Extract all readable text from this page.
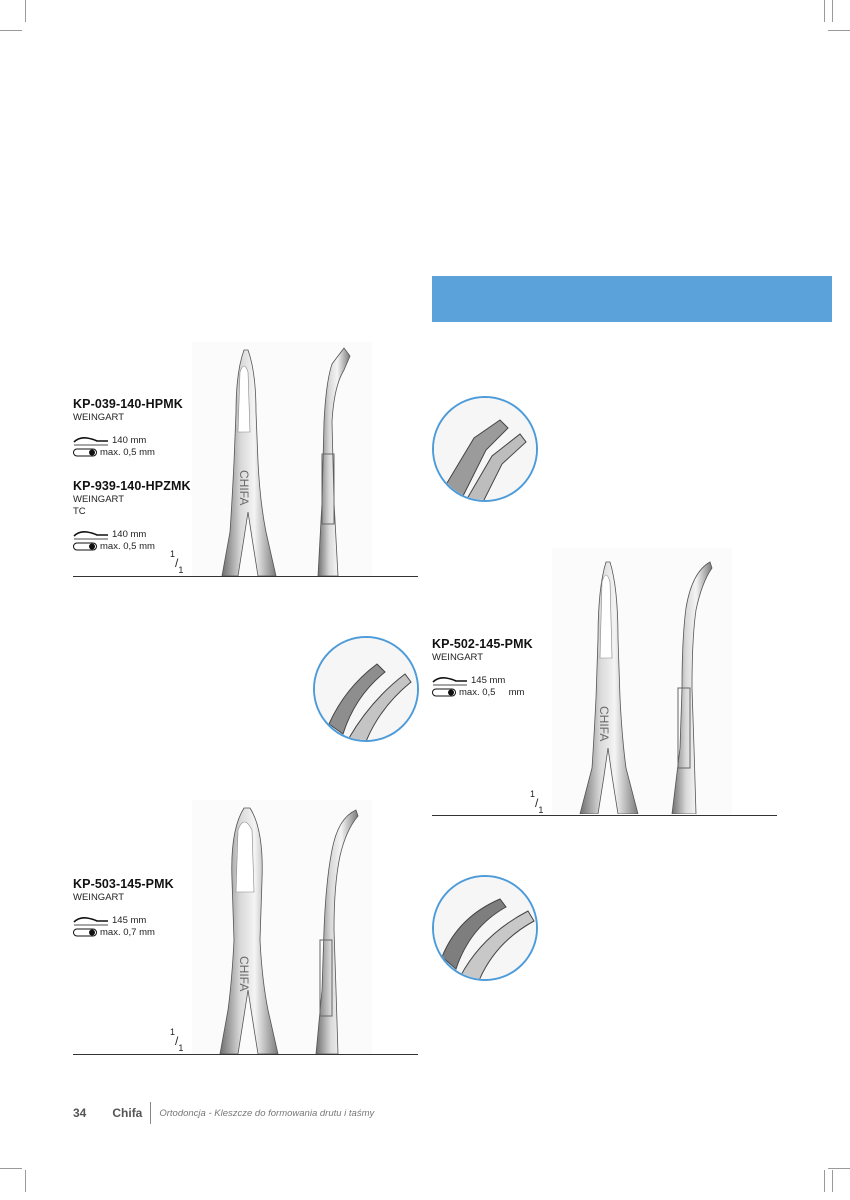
KP-039-140-HPMK
WEINGART
140 mm
max. 0,5 mm
KP-939-140-HPZMK
WEINGART
TC
140 mm
max. 0,5 mm
$^1/_1$
CHIFA
KP-502-145-PMK
WEINGART
145 mm
max. 0,5     mm
$^1/_1$
CHIFA
KP-503-145-PMK
WEINGART
145 mm
max. 0,7 mm
$^1/_1$
CHIFA
34 Chifa Ortodoncja - Kleszcze do formowania drutu i taśmy
